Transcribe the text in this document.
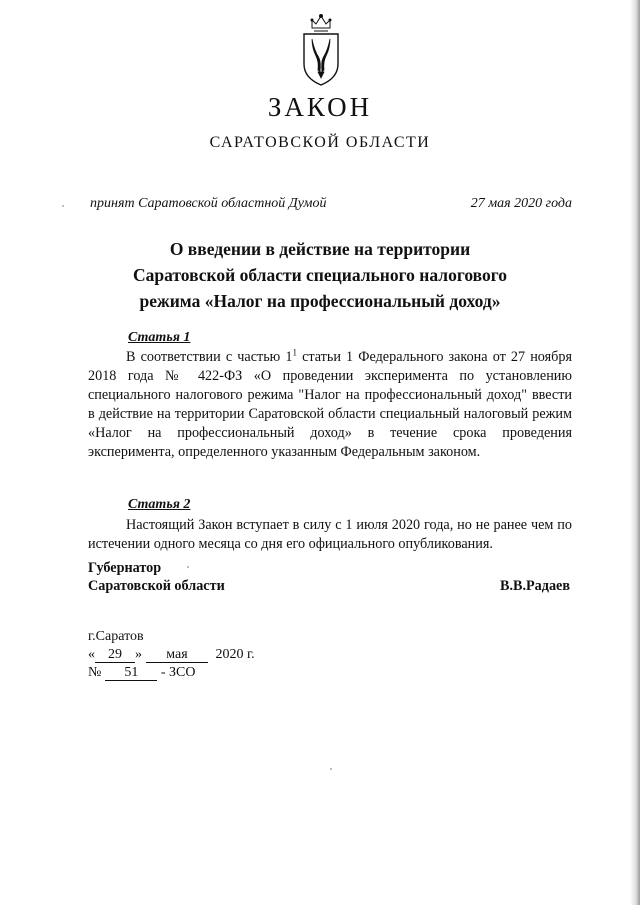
ЗАКОН
САРАТОВСКОЙ ОБЛАСТИ
принят Саратовской областной Думой	27 мая 2020 года
О введении в действие на территории
Саратовской области специального налогового
режима «Налог на профессиональный доход»
Статья 1

В соответствии с частью $1^1$ статьи 1 Федерального закона от 27 ноября 2018 года № 422-ФЗ «О проведении эксперимента по установлению специального налогового режима "Налог на профессиональный доход" ввести в действие на территории Саратовской области специальный налоговый режим «Налог на профессиональный доход» в течение срока проведения эксперимента, определенного указанным Федеральным законом.

Статья 2

Настоящий Закон вступает в силу с 1 июля 2020 года, но не ранее чем по истечении одного месяца со дня его официального опубликования.

Губернатор
Саратовской области	В.В.Радаев
г.Саратов
« 29 » мая 2020 г.
№ 51 - ЗСО
